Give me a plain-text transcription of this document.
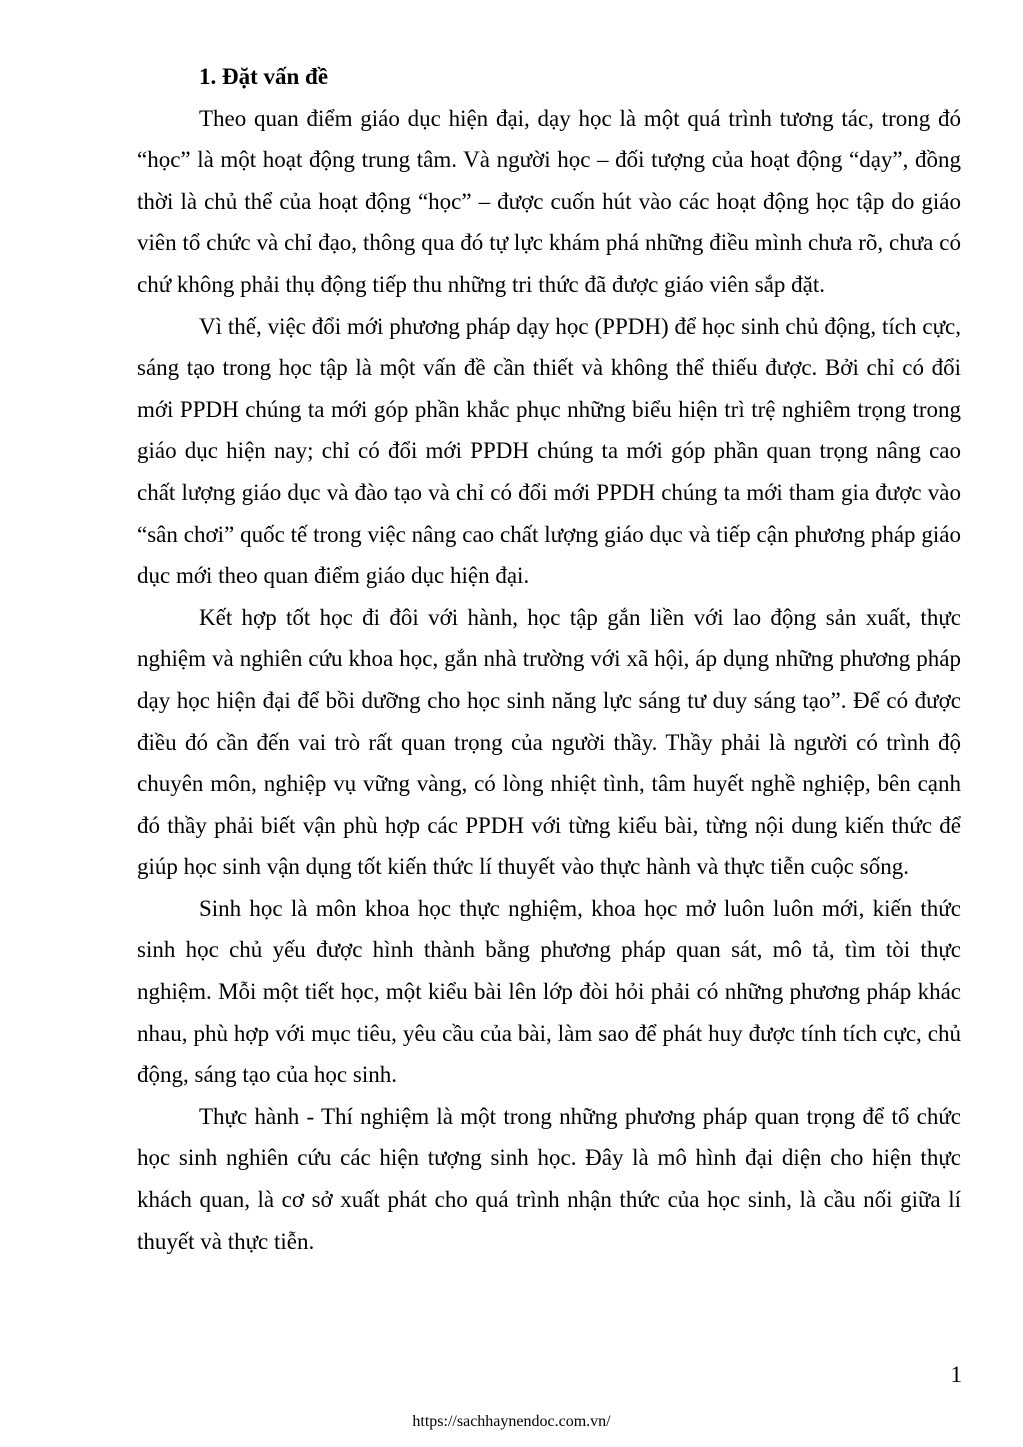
1. Đặt vấn đề

Theo quan điểm giáo dục hiện đại, dạy học là một quá trình tương tác, trong đó “học” là một hoạt động trung tâm. Và người học – đối tượng của hoạt động “dạy”, đồng thời là chủ thể của hoạt động “học” – được cuốn hút vào các hoạt động học tập do giáo viên tổ chức và chỉ đạo, thông qua đó tự lực khám phá những điều mình chưa rõ, chưa có chứ không phải thụ động tiếp thu những tri thức đã được giáo viên sắp đặt.

Vì thế, việc đổi mới phương pháp dạy học (PPDH) để học sinh chủ động, tích cực, sáng tạo trong học tập là một vấn đề cần thiết và không thể thiếu được. Bởi chỉ có đổi mới PPDH chúng ta mới góp phần khắc phục những biểu hiện trì trệ nghiêm trọng trong giáo dục hiện nay; chỉ có đổi mới PPDH chúng ta mới góp phần quan trọng nâng cao chất lượng giáo dục và đào tạo và chỉ có đổi mới PPDH chúng ta mới tham gia được vào “sân chơi” quốc tế trong việc nâng cao chất lượng giáo dục và tiếp cận phương pháp giáo dục mới theo quan điểm giáo dục hiện đại.

Kết hợp tốt học đi đôi với hành, học tập gắn liền với lao động sản xuất, thực nghiệm và nghiên cứu khoa học, gắn nhà trường với xã hội, áp dụng những phương pháp dạy học hiện đại để bồi dưỡng cho học sinh năng lực sáng tư duy sáng tạo”. Để có được điều đó cần đến vai trò rất quan trọng của người thầy. Thầy phải là người có trình độ chuyên môn, nghiệp vụ vững vàng, có lòng nhiệt tình, tâm huyết nghề nghiệp, bên cạnh đó thầy phải biết vận phù hợp các PPDH với từng kiểu bài, từng nội dung kiến thức để giúp học sinh vận dụng tốt kiến thức lí thuyết vào thực hành và thực tiễn cuộc sống.

Sinh học là môn khoa học thực nghiệm, khoa học mở luôn luôn mới, kiến thức sinh học chủ yếu được hình thành bằng phương pháp quan sát, mô tả, tìm tòi thực nghiệm. Mỗi một tiết học, một kiểu bài lên lớp đòi hỏi phải có những phương pháp khác nhau, phù hợp với mục tiêu, yêu cầu của bài, làm sao để phát huy được tính tích cực, chủ động, sáng tạo của học sinh.

Thực hành - Thí nghiệm là một trong những phương pháp quan trọng để tổ chức học sinh nghiên cứu các hiện tượng sinh học. Đây là mô hình đại diện cho hiện thực khách quan, là cơ sở xuất phát cho quá trình nhận thức của học sinh, là cầu nối giữa lí thuyết và thực tiễn.

1
https://sachhaynendoc.com.vn/
